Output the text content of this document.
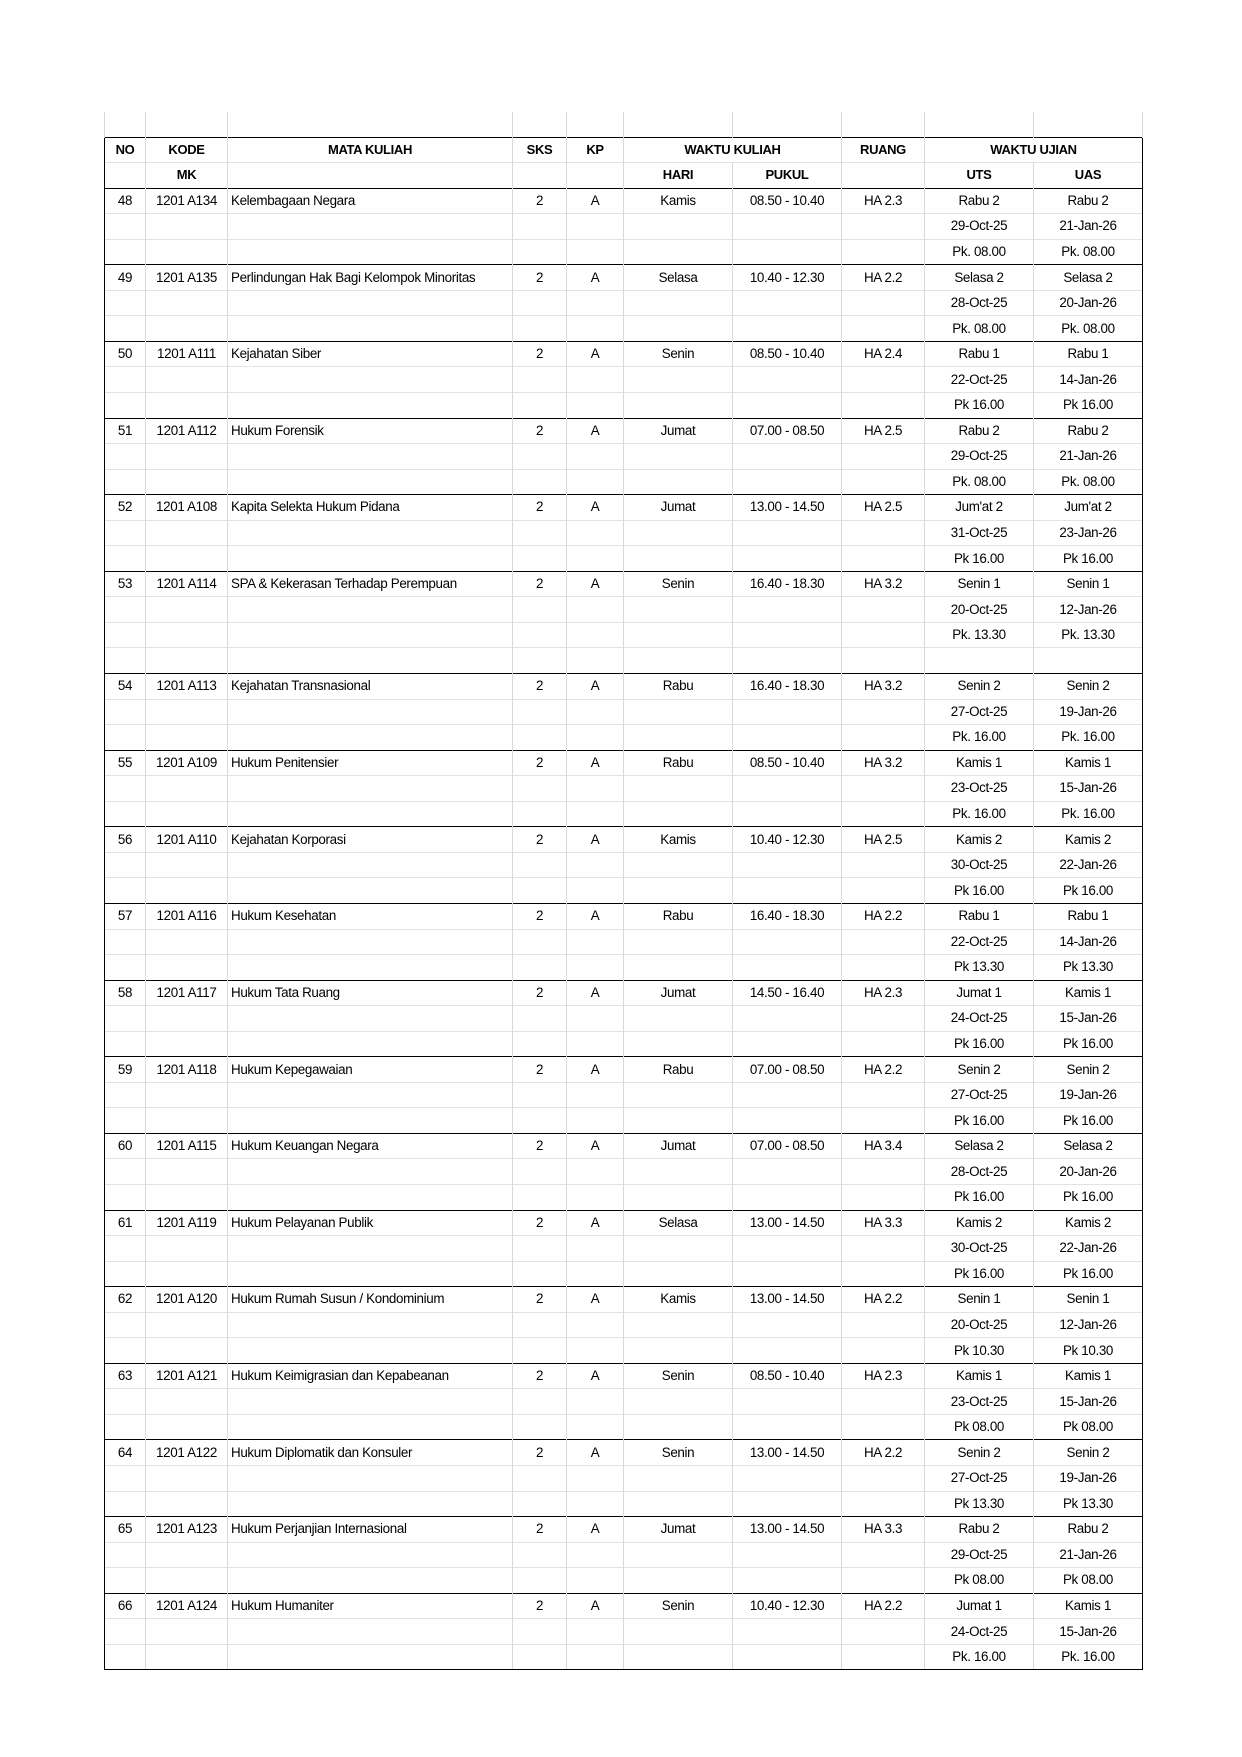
NO	KODE	MATA KULIAH	SKS	KP	WAKTU KULIAH		RUANG	WAKTU UJIAN	
	MK				HARI	PUKUL		UTS	UAS
48	1201 A134	Kelembagaan Negara	2	A	Kamis	08.50 - 10.40	HA 2.3	Rabu 2	Rabu 2
								29-Oct-25	21-Jan-26
								Pk. 08.00	Pk. 08.00
49	1201 A135	Perlindungan Hak Bagi Kelompok Minoritas	2	A	Selasa	10.40 - 12.30	HA 2.2	Selasa 2	Selasa 2
								28-Oct-25	20-Jan-26
								Pk. 08.00	Pk. 08.00
50	1201 A111	Kejahatan Siber	2	A	Senin	08.50 - 10.40	HA 2.4	Rabu 1	Rabu 1
								22-Oct-25	14-Jan-26
								Pk 16.00	Pk 16.00
51	1201 A112	Hukum Forensik	2	A	Jumat	07.00 - 08.50	HA 2.5	Rabu 2	Rabu 2
								29-Oct-25	21-Jan-26
								Pk. 08.00	Pk. 08.00
52	1201 A108	Kapita Selekta Hukum Pidana	2	A	Jumat	13.00 - 14.50	HA 2.5	Jum'at 2	Jum'at 2
								31-Oct-25	23-Jan-26
								Pk 16.00	Pk 16.00
53	1201 A114	SPA & Kekerasan Terhadap Perempuan	2	A	Senin	16.40 - 18.30	HA 3.2	Senin 1	Senin 1
								20-Oct-25	12-Jan-26
								Pk. 13.30	Pk. 13.30

54	1201 A113	Kejahatan Transnasional	2	A	Rabu	16.40 - 18.30	HA 3.2	Senin 2	Senin 2
								27-Oct-25	19-Jan-26
								Pk. 16.00	Pk. 16.00
55	1201 A109	Hukum Penitensier	2	A	Rabu	08.50 - 10.40	HA 3.2	Kamis 1	Kamis 1
								23-Oct-25	15-Jan-26
								Pk. 16.00	Pk. 16.00
56	1201 A110	Kejahatan Korporasi	2	A	Kamis	10.40 - 12.30	HA 2.5	Kamis 2	Kamis 2
								30-Oct-25	22-Jan-26
								Pk 16.00	Pk 16.00
57	1201 A116	Hukum Kesehatan	2	A	Rabu	16.40 - 18.30	HA 2.2	Rabu 1	Rabu 1
								22-Oct-25	14-Jan-26
								Pk 13.30	Pk 13.30
58	1201 A117	Hukum Tata Ruang	2	A	Jumat	14.50 - 16.40	HA 2.3	Jumat 1	Kamis 1
								24-Oct-25	15-Jan-26
								Pk 16.00	Pk 16.00
59	1201 A118	Hukum Kepegawaian	2	A	Rabu	07.00 - 08.50	HA 2.2	Senin 2	Senin 2
								27-Oct-25	19-Jan-26
								Pk 16.00	Pk 16.00
60	1201 A115	Hukum Keuangan Negara	2	A	Jumat	07.00 - 08.50	HA 3.4	Selasa 2	Selasa 2
								28-Oct-25	20-Jan-26
								Pk 16.00	Pk 16.00
61	1201 A119	Hukum Pelayanan Publik	2	A	Selasa	13.00 - 14.50	HA 3.3	Kamis 2	Kamis 2
								30-Oct-25	22-Jan-26
								Pk 16.00	Pk 16.00
62	1201 A120	Hukum Rumah Susun / Kondominium	2	A	Kamis	13.00 - 14.50	HA 2.2	Senin 1	Senin 1
								20-Oct-25	12-Jan-26
								Pk 10.30	Pk 10.30
63	1201 A121	Hukum Keimigrasian dan Kepabeanan	2	A	Senin	08.50 - 10.40	HA 2.3	Kamis 1	Kamis 1
								23-Oct-25	15-Jan-26
								Pk 08.00	Pk 08.00
64	1201 A122	Hukum Diplomatik dan Konsuler	2	A	Senin	13.00 - 14.50	HA 2.2	Senin 2	Senin 2
								27-Oct-25	19-Jan-26
								Pk 13.30	Pk 13.30
65	1201 A123	Hukum Perjanjian Internasional	2	A	Jumat	13.00 - 14.50	HA 3.3	Rabu 2	Rabu 2
								29-Oct-25	21-Jan-26
								Pk 08.00	Pk 08.00
66	1201 A124	Hukum Humaniter	2	A	Senin	10.40 - 12.30	HA 2.2	Jumat 1	Kamis 1
								24-Oct-25	15-Jan-26
								Pk. 16.00	Pk. 16.00
